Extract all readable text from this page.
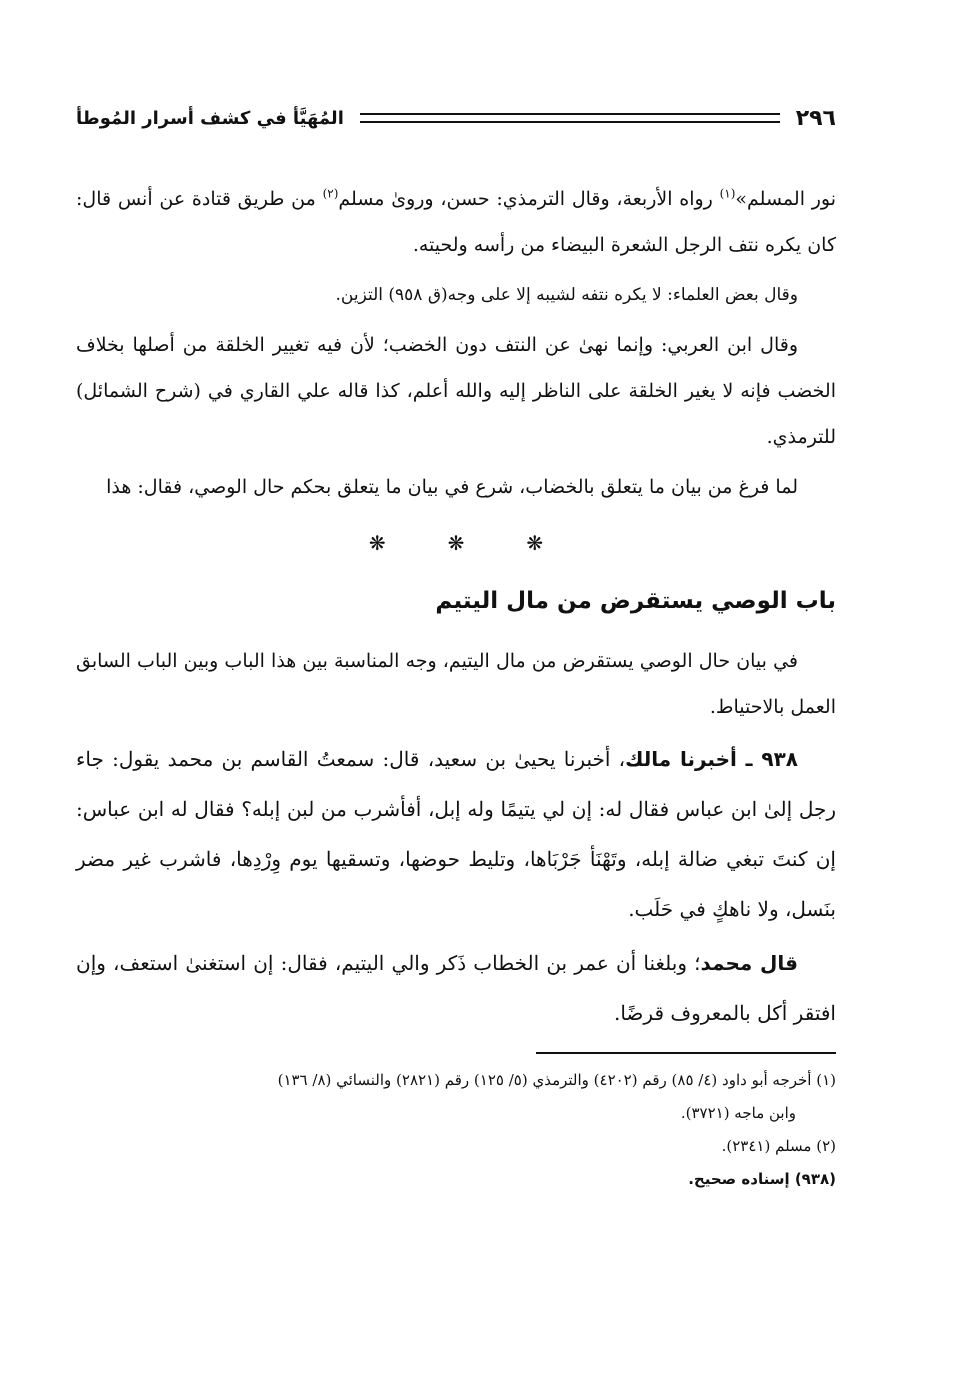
٢٩٦
المُهَيَّأ في كشف أسرار المُوطأ

نور المسلم»$^{(١)}$ رواه الأربعة، وقال الترمذي: حسن، وروىٰ مسلم$^{(٢)}$ من طريق قتادة عن أنس قال: كان يكره نتف الرجل الشعرة البيضاء من رأسه ولحيته.

وقال بعض العلماء: لا يكره نتفه لشيبه إلا على وجه(ق ٩٥٨) التزين.

وقال ابن العربي: وإنما نهىٰ عن النتف دون الخضب؛ لأن فيه تغيير الخلقة من أصلها بخلاف الخضب فإنه لا يغير الخلقة على الناظر إليه والله أعلم، كذا قاله علي القاري في (شرح الشمائل) للترمذي.

لما فرغ من بيان ما يتعلق بالخضاب، شرع في بيان ما يتعلق بحكم حال الوصي، فقال: هذا

❋	❋	❋
باب الوصي يستقرض من مال اليتيم

في بيان حال الوصي يستقرض من مال اليتيم، وجه المناسبة بين هذا الباب وبين الباب السابق العمل بالاحتياط.

٩٣٨ ـ أخبرنا مالك، أخبرنا يحيىٰ بن سعيد، قال: سمعتُ القاسم بن محمد يقول: جاء رجل إلىٰ ابن عباس فقال له: إن لي يتيمًا وله إبل، أفأشرب من لبن إبله؟ فقال له ابن عباس: إن كنتَ تبغي ضالة إبله، وتَهْنَأ جَرْبَاها، وتليط حوضها، وتسقيها يوم وِرْدِها، فاشرب غير مضر بنَسل، ولا ناهكٍ في حَلَب.

قال محمد؛ وبلغنا أن عمر بن الخطاب ذَكر والي اليتيم، فقال: إن استغنىٰ استعف، وإن افتقر أكل بالمعروف قرضًا.

(١) أخرجه أبو داود (٤/ ٨٥) رقم (٤٢٠٢) والترمذي (٥/ ١٢٥) رقم (٢٨٢١) والنسائي (٨/ ١٣٦)

وابن ماجه (٣٧٢١).

(٢) مسلم (٢٣٤١).

(٩٣٨) إسناده صحيح.
